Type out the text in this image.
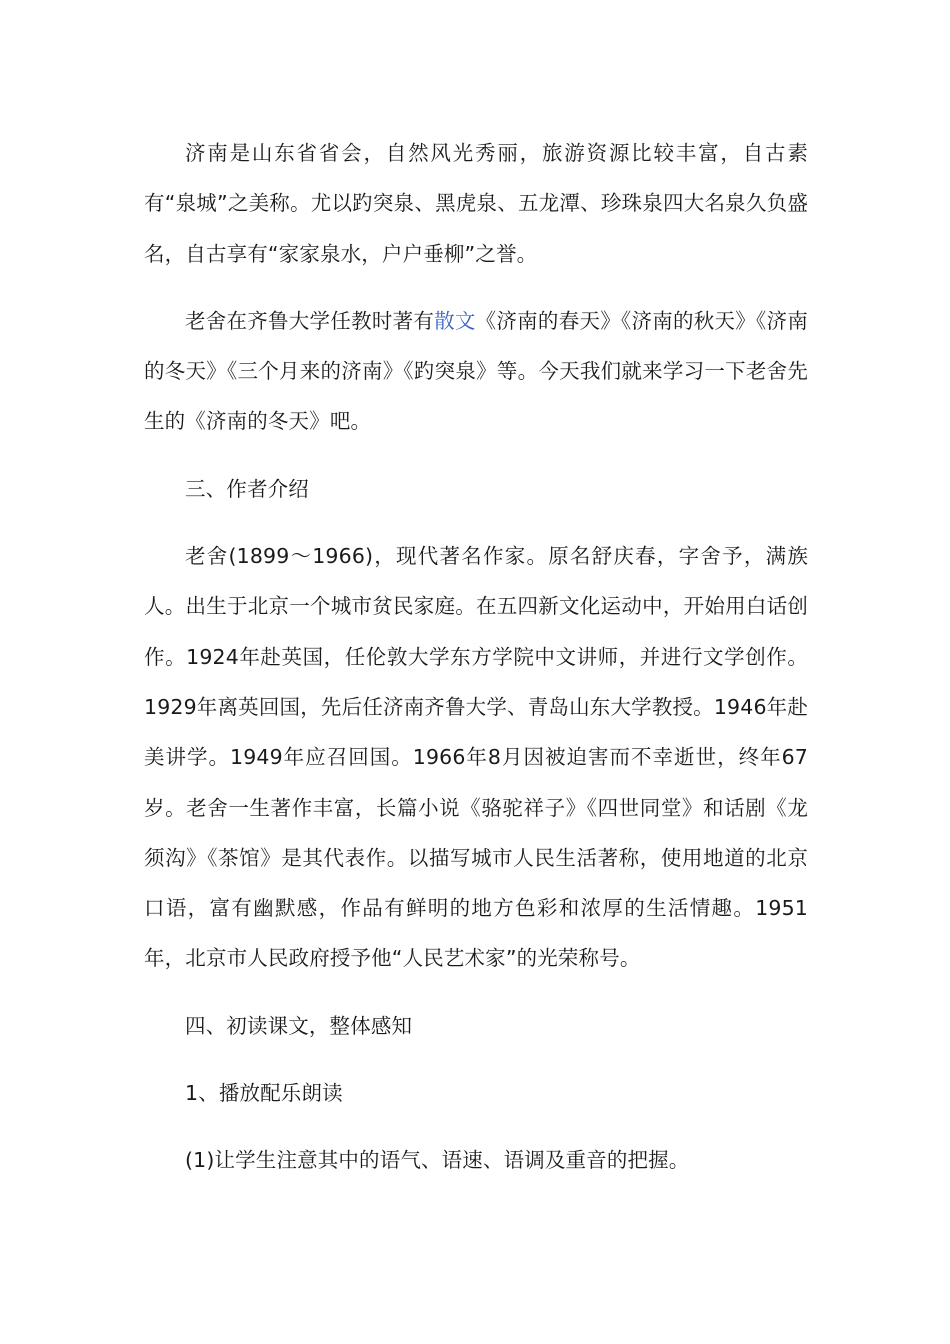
济南是山东省省会，自然风光秀丽，旅游资源比较丰富，自古素有“泉城”之美称。尤以趵突泉、黑虎泉、五龙潭、珍珠泉四大名泉久负盛名，自古享有“家家泉水，户户垂柳”之誉。

老舍在齐鲁大学任教时著有散文《济南的春天》《济南的秋天》《济南的冬天》《三个月来的济南》《趵突泉》等。今天我们就来学习一下老舍先生的《济南的冬天》吧。

三、作者介绍

老舍(1899～1966)，现代著名作家。原名舒庆春，字舍予，满族人。出生于北京一个城市贫民家庭。在五四新文化运动中，开始用白话创作。1924年赴英国，任伦敦大学东方学院中文讲师，并进行文学创作。1929年离英回国，先后任济南齐鲁大学、青岛山东大学教授。1946年赴美讲学。1949年应召回国。1966年8月因被迫害而不幸逝世，终年67岁。老舍一生著作丰富，长篇小说《骆驼祥子》《四世同堂》和话剧《龙须沟》《茶馆》是其代表作。以描写城市人民生活著称，使用地道的北京口语，富有幽默感，作品有鲜明的地方色彩和浓厚的生活情趣。1951年，北京市人民政府授予他“人民艺术家”的光荣称号。

四、初读课文，整体感知

1、播放配乐朗读

(1)让学生注意其中的语气、语速、语调及重音的把握。
